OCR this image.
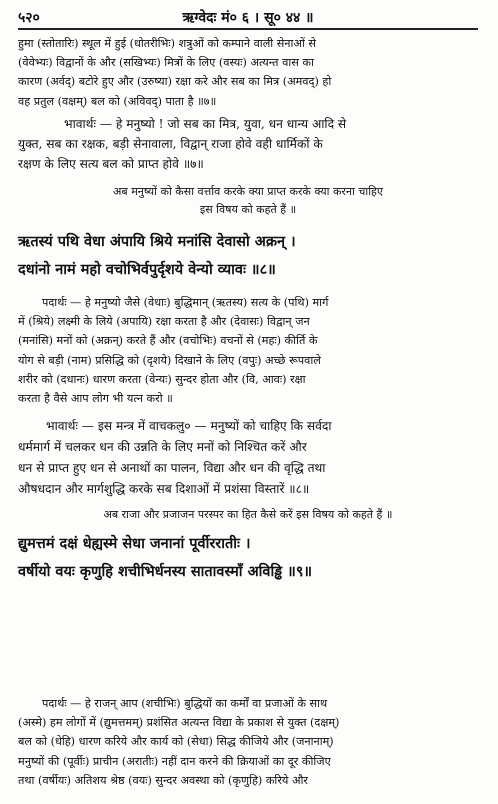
५२०	ऋग्वेदः मं० ६ । सू० ४४ ॥

हुमा (स्तोतारिः) स्थूल में हुई (धोतरीभिः) शत्रुओं को कम्पाने वाली सेनाओं से
(वेवेभ्यः) विद्वानों के और (सखिभ्यः) मित्रों के लिए (वस्यः) अत्यन्त वास का
कारण (अर्वद्) बटोरे हुए और (उरुष्या) रक्षा करे और सब का मित्र (अमवद्) हो
वह प्रतुल (वक्षम्) बल को (अविवद्) पाता है ॥७॥

भावार्थः — हे मनुष्यो ! जो सब का मित्र, युवा, धन धान्य आदि से
युक्त, सब का रक्षक, बड़ी सेनावाला, विद्वान् राजा होवे वही धार्मिकों के
रक्षण के लिए सत्य बल को प्राप्त होवे ॥७॥

अब मनुष्यों को कैसा वर्त्ताव करके क्या प्राप्त करके क्या करना चाहिए
इस विषय को कहते हैं ॥

ऋतस्यं पथि वेधा अंपायि श्रिये मनांसि देवासो अक्रन् ।
दधांनो नामं महो वचोभिर्वपुर्दृशये वेन्यो व्यावः ॥८॥

पदार्थः — हे मनुष्यो जैसे (वेधाः) बुद्धिमान् (ऋतस्य) सत्य के (पथि) मार्ग
में (श्रिये) लक्ष्मी के लिये (अपायि) रक्षा करता है और (देवासः) विद्वान् जन
(मनांसि) मनों को (अक्रन्) करते हैं और (वचोभिः) वचनों से (महः) कीर्ति के
योग से बड़ी (नाम) प्रसिद्धि को (दृशये) दिखाने के लिए (वपुः) अच्छे रूपवाले
शरीर को (दधानः) धारण करता (वेन्यः) सुन्दर होता और (वि, आवः) रक्षा
करता है वैसे आप लोग भी यत्न करो ॥

भावार्थः — इस मन्त्र में वाचकलु० — मनुष्यों को चाहिए कि सर्वदा
धर्ममार्ग में चलकर धन की उन्नति के लिए मनों को निश्चित करें और
धन से प्राप्त हुए धन से अनाथों का पालन, विद्या और धन की वृद्धि तथा
औषधदान और मार्गशुद्धि करके सब दिशाओं में प्रशंसा विस्तारें ॥८॥

अब राजा और प्रजाजन परस्पर का हित कैसे करें इस विषय को कहते हैं ॥

द्युमत्तमं दक्षं धेह्यस्मे सेधा जनानां पूर्वीररातीः ।
वर्षीयो वयः कृणुहि शचीभिर्धनस्य सातावस्माँ अविड्ढि ॥९॥

पदार्थः — हे राजन् आप (शचीभिः) बुद्धियों का कर्मों वा प्रजाओं के साथ
(अस्मे) हम लोगों में (द्युमत्तमम्) प्रशंसित अत्यन्त विद्या के प्रकाश से युक्त (दक्षम्)
बल को (धेहि) धारण करिये और कार्य को (सेधा) सिद्ध कीजिये और (जनानाम्)
मनुष्यों की (पूर्वीः) प्राचीन (अरातीः) नहीं दान करने की क्रियाओं का दूर कीजिए
तथा (वर्षीयः) अतिशय श्रेष्ठ (वयः) सुन्दर अवस्था को (कृणुहि) करिये और
